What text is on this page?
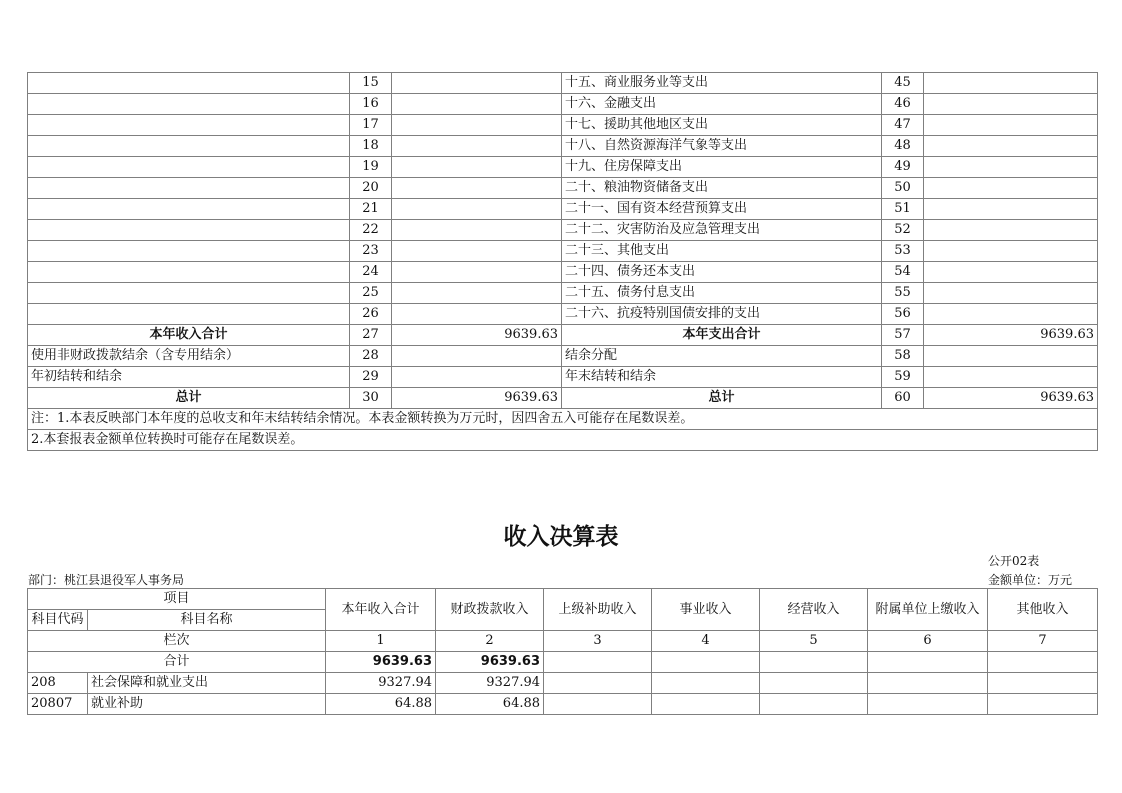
	15		十五、商业服务业等支出	45	
	16		十六、金融支出	46	
	17		十七、援助其他地区支出	47	
	18		十八、自然资源海洋气象等支出	48	
	19		十九、住房保障支出	49	
	20		二十、粮油物资储备支出	50	
	21		二十一、国有资本经营预算支出	51	
	22		二十二、灾害防治及应急管理支出	52	
	23		二十三、其他支出	53	
	24		二十四、债务还本支出	54	
	25		二十五、债务付息支出	55	
	26		二十六、抗疫特别国债安排的支出	56	
本年收入合计	27	9639.63	本年支出合计	57	9639.63
使用非财政拨款结余（含专用结余）	28		结余分配	58	
年初结转和结余	29		年末结转和结余	59	
总计	30	9639.63	总计	60	9639.63
注：1.本表反映部门本年度的总收支和年末结转结余情况。本表金额转换为万元时，因四舍五入可能存在尾数误差。					
2.本套报表金额单位转换时可能存在尾数误差。					
收入决算表
公开02表
部门：桃江县退役军人事务局	金额单位：万元
项目		本年收入合计	财政拨款收入	上级补助收入	事业收入	经营收入	附属单位上缴收入	其他收入
科目代码	科目名称							
栏次		1	2	3	4	5	6	7
合计		9639.63	9639.63					
208	社会保障和就业支出	9327.94	9327.94					
20807	就业补助	64.88	64.88					
